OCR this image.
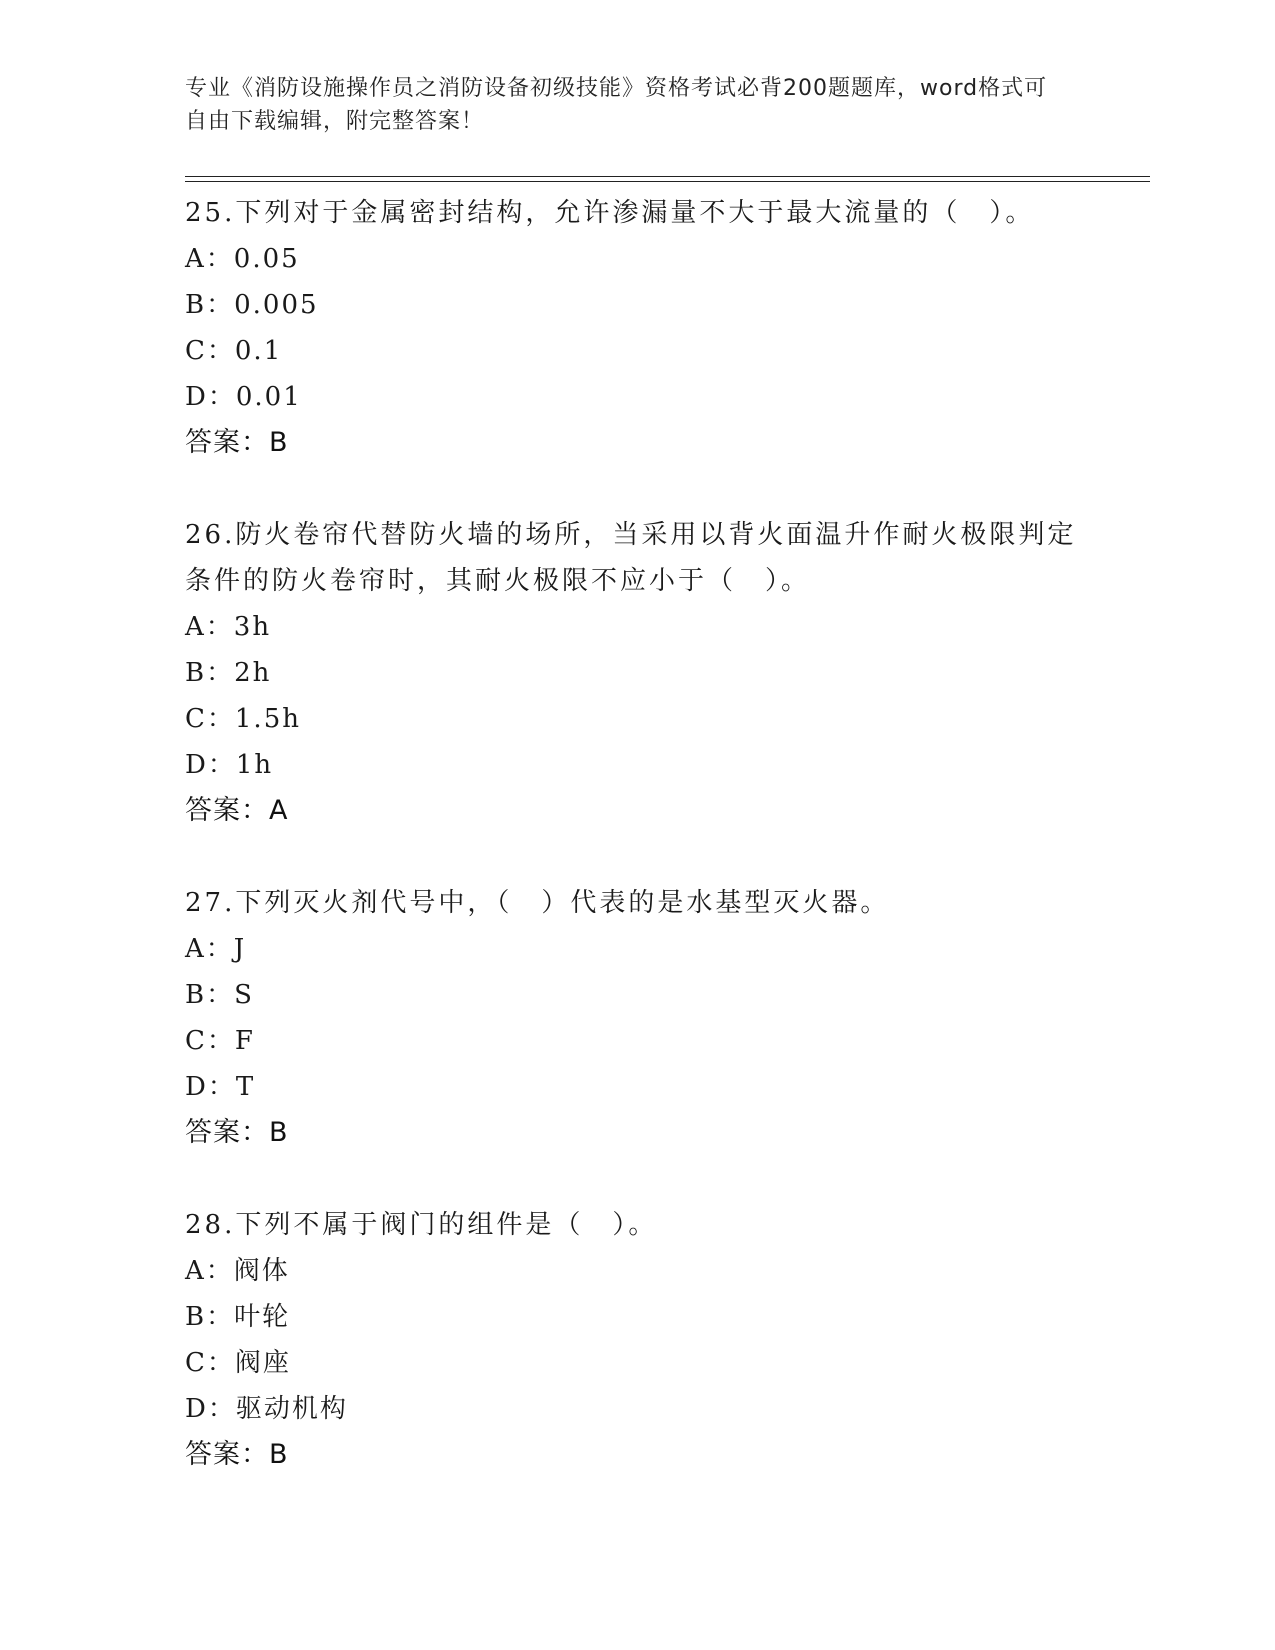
专业《消防设施操作员之消防设备初级技能》资格考试必背200题题库，word格式可自由下载编辑，附完整答案！

25.下列对于金属密封结构，允许渗漏量不大于最大流量的（　）。

A：0.05

B：0.005

C：0.1

D：0.01

答案：B

26.防火卷帘代替防火墙的场所，当采用以背火面温升作耐火极限判定条件的防火卷帘时，其耐火极限不应小于（　）。

A：3h

B：2h

C：1.5h

D：1h

答案：A

27.下列灭火剂代号中，（　）代表的是水基型灭火器。

A：J

B：S

C：F

D：T

答案：B

28.下列不属于阀门的组件是（　）。

A：阀体

B：叶轮

C：阀座

D：驱动机构

答案：B
